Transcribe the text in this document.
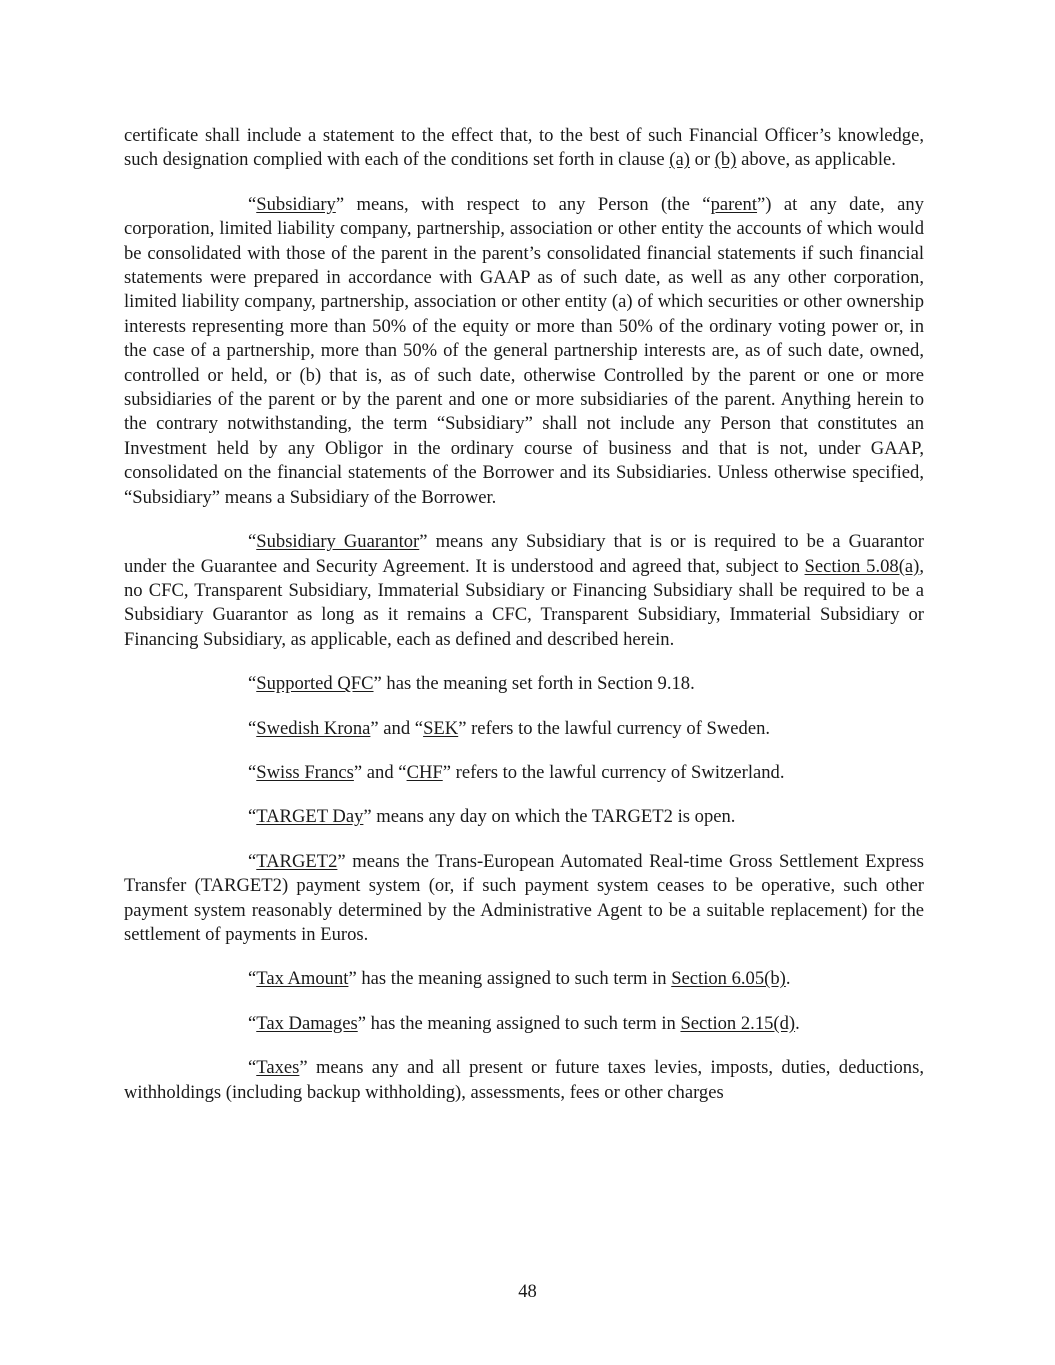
certificate shall include a statement to the effect that, to the best of such Financial Officer’s knowledge, such designation complied with each of the conditions set forth in clause (a) or (b) above, as applicable.

“Subsidiary” means, with respect to any Person (the “parent”) at any date, any corporation, limited liability company, partnership, association or other entity the accounts of which would be consolidated with those of the parent in the parent’s consolidated financial statements if such financial statements were prepared in accordance with GAAP as of such date, as well as any other corporation, limited liability company, partnership, association or other entity (a) of which securities or other ownership interests representing more than 50% of the equity or more than 50% of the ordinary voting power or, in the case of a partnership, more than 50% of the general partnership interests are, as of such date, owned, controlled or held, or (b) that is, as of such date, otherwise Controlled by the parent or one or more subsidiaries of the parent or by the parent and one or more subsidiaries of the parent. Anything herein to the contrary notwithstanding, the term “Subsidiary” shall not include any Person that constitutes an Investment held by any Obligor in the ordinary course of business and that is not, under GAAP, consolidated on the financial statements of the Borrower and its Subsidiaries. Unless otherwise specified, “Subsidiary” means a Subsidiary of the Borrower.

“Subsidiary Guarantor” means any Subsidiary that is or is required to be a Guarantor under the Guarantee and Security Agreement. It is understood and agreed that, subject to Section 5.08(a), no CFC, Transparent Subsidiary, Immaterial Subsidiary or Financing Subsidiary shall be required to be a Subsidiary Guarantor as long as it remains a CFC, Transparent Subsidiary, Immaterial Subsidiary or Financing Subsidiary, as applicable, each as defined and described herein.

“Supported QFC” has the meaning set forth in Section 9.18.

“Swedish Krona” and “SEK” refers to the lawful currency of Sweden.

“Swiss Francs” and “CHF” refers to the lawful currency of Switzerland.

“TARGET Day” means any day on which the TARGET2 is open.

“TARGET2” means the Trans-European Automated Real-time Gross Settlement Express Transfer (TARGET2) payment system (or, if such payment system ceases to be operative, such other payment system reasonably determined by the Administrative Agent to be a suitable replacement) for the settlement of payments in Euros.

“Tax Amount” has the meaning assigned to such term in Section 6.05(b).

“Tax Damages” has the meaning assigned to such term in Section 2.15(d).

“Taxes” means any and all present or future taxes levies, imposts, duties, deductions, withholdings (including backup withholding), assessments, fees or other charges

48
